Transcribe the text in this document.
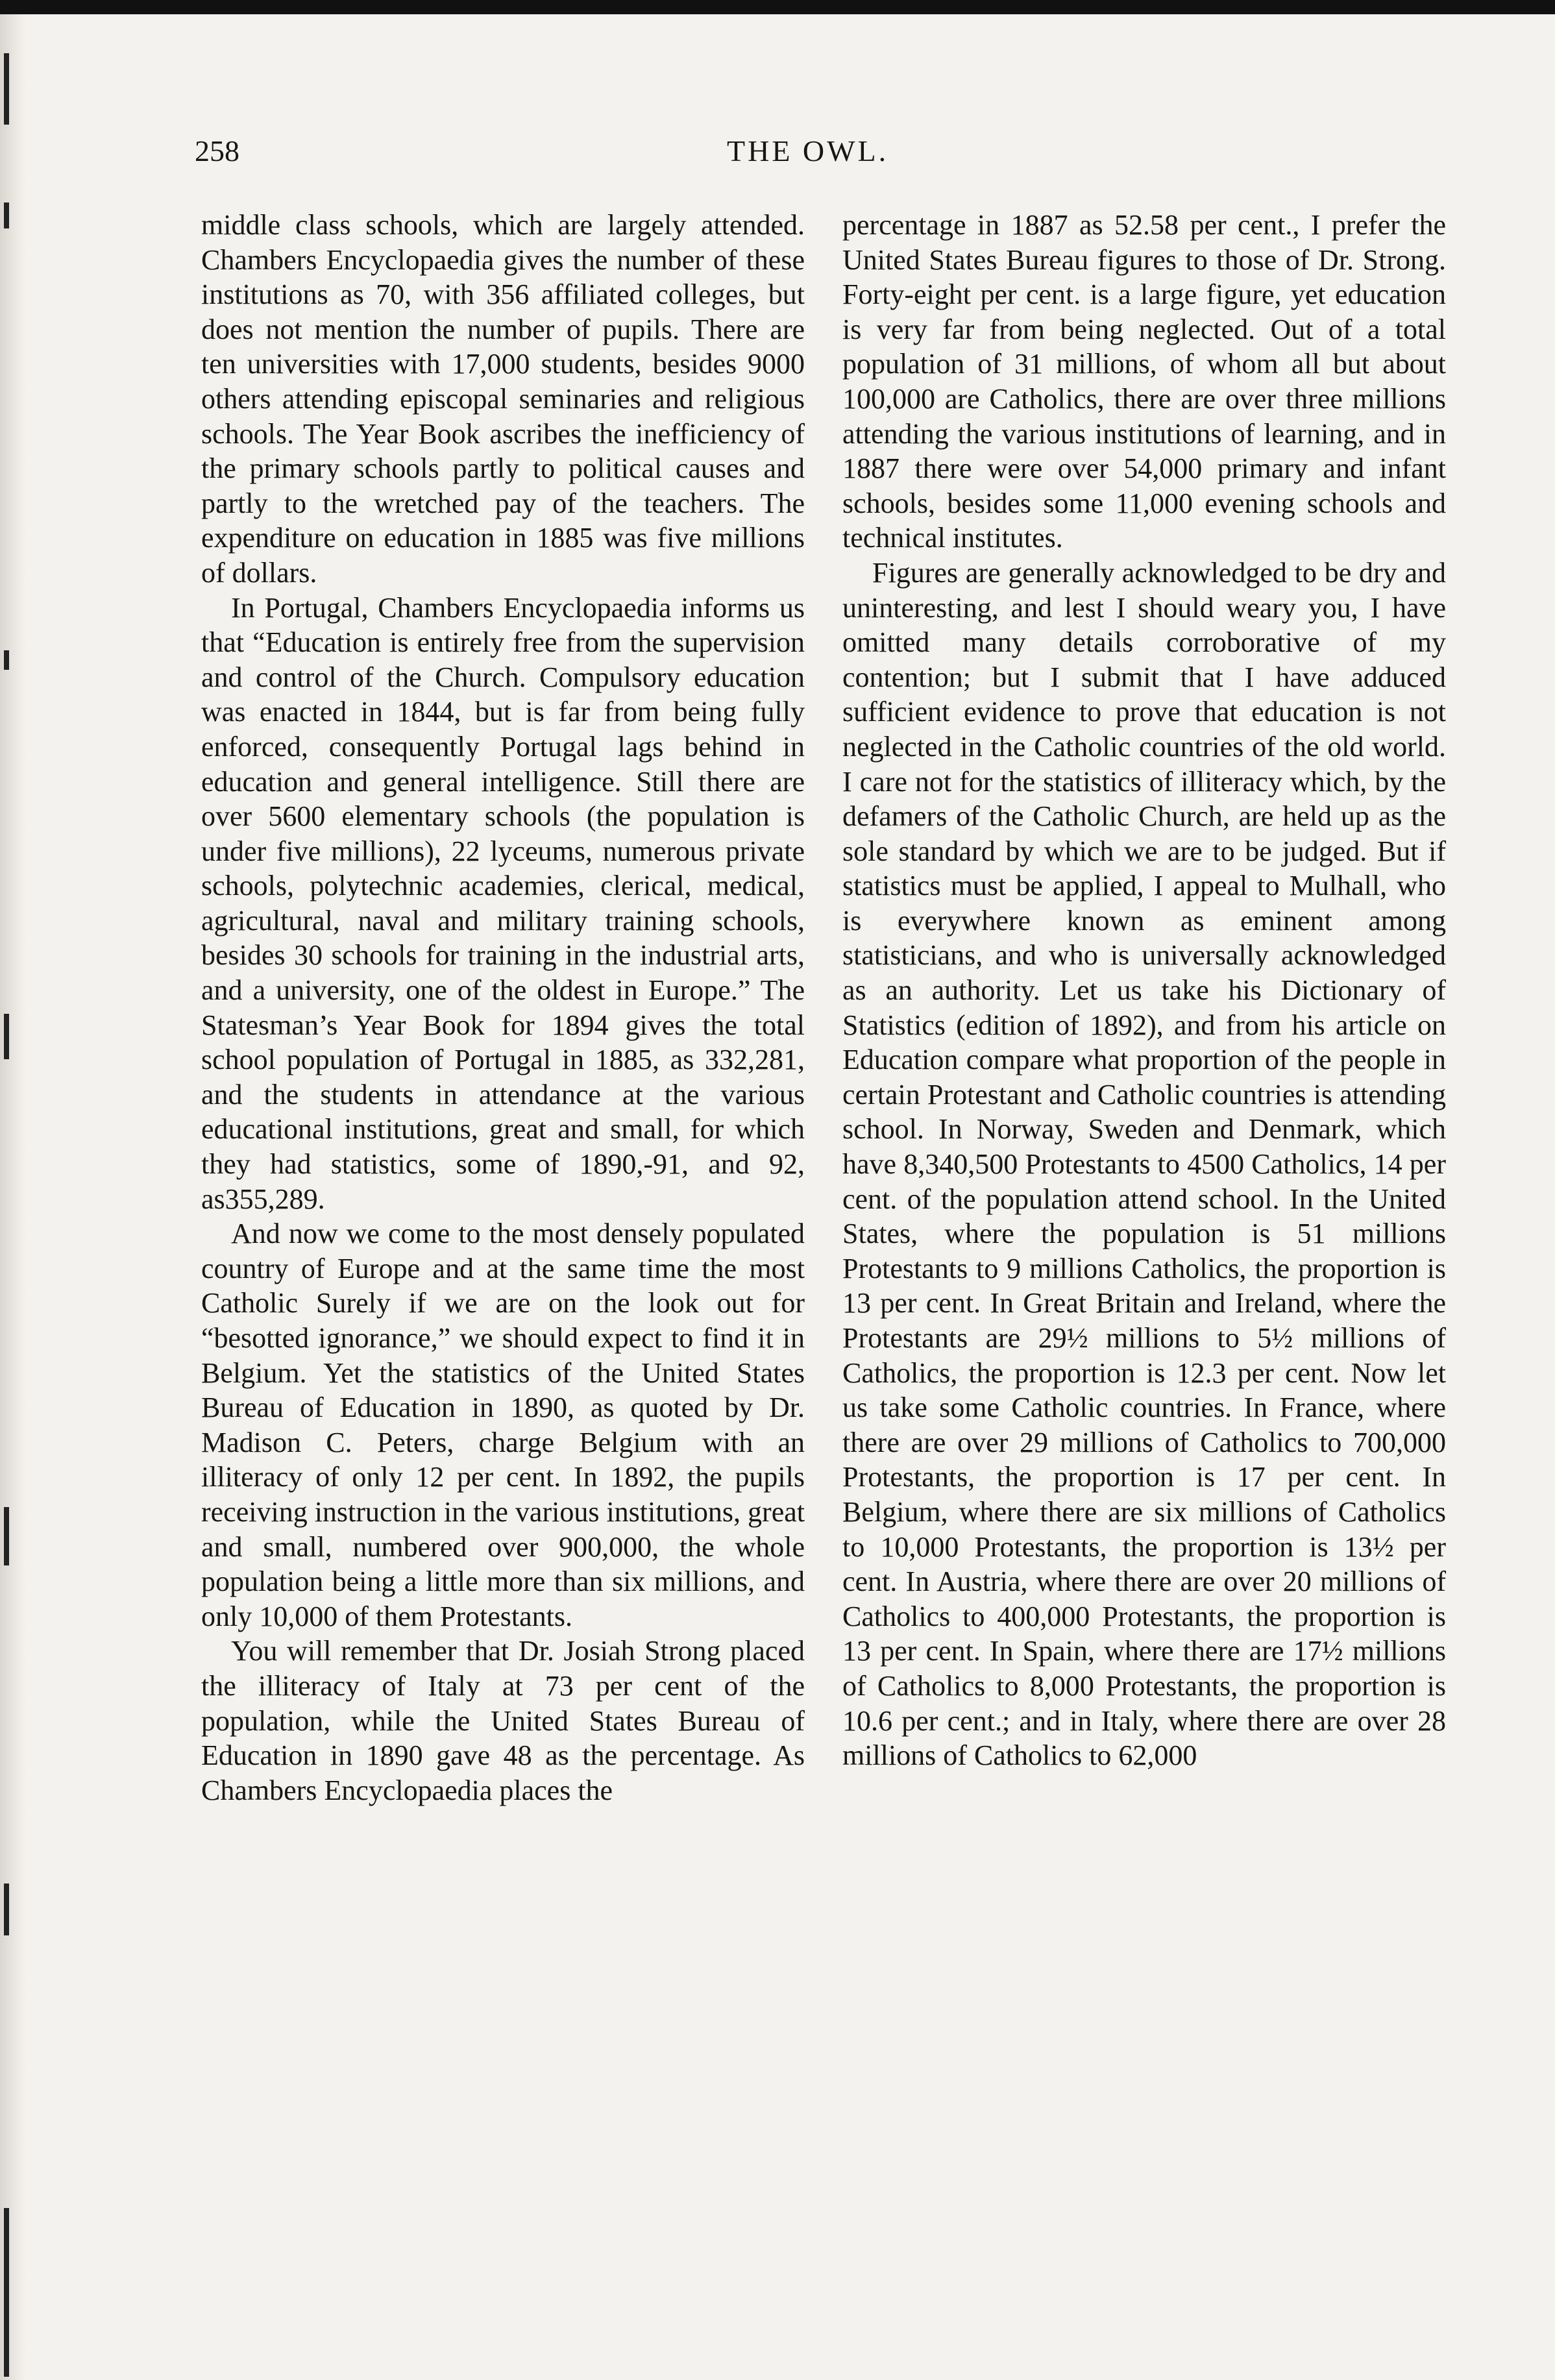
258	THE OWL.

middle class schools, which are largely attended. Chambers Encyclopaedia gives the number of these institutions as 70, with 356 affiliated colleges, but does not mention the number of pupils. There are ten universities with 17,000 students, besides 9000 others attending episcopal seminaries and religious schools. The Year Book ascribes the inefficiency of the primary schools partly to political causes and partly to the wretched pay of the teachers. The expenditure on education in 1885 was five millions of dollars.

In Portugal, Chambers Encyclopaedia informs us that “Education is entirely free from the supervision and control of the Church. Compulsory education was enacted in 1844, but is far from being fully enforced, consequently Portugal lags behind in education and general intelligence. Still there are over 5600 elementary schools (the population is under five millions), 22 lyceums, numerous private schools, polytechnic academies, clerical, medical, agricultural, naval and military training schools, besides 30 schools for training in the industrial arts, and a university, one of the oldest in Europe.” The Statesman’s Year Book for 1894 gives the total school population of Portugal in 1885, as 332,281, and the students in attendance at the various educational institutions, great and small, for which they had statistics, some of 1890,-91, and 92, as355,289.

And now we come to the most densely populated country of Europe and at the same time the most Catholic Surely if we are on the look out for “besotted ignorance,” we should expect to find it in Belgium. Yet the statistics of the United States Bureau of Education in 1890, as quoted by Dr. Madison C. Peters, charge Belgium with an illiteracy of only 12 per cent. In 1892, the pupils receiving instruction in the various institutions, great and small, numbered over 900,000, the whole population being a little more than six millions, and only 10,000 of them Protestants.

You will remember that Dr. Josiah Strong placed the illiteracy of Italy at 73 per cent of the population, while the United States Bureau of Education in 1890 gave 48 as the percentage. As Chambers Encyclopaedia places the

percentage in 1887 as 52.58 per cent., I prefer the United States Bureau figures to those of Dr. Strong. Forty-eight per cent. is a large figure, yet education is very far from being neglected. Out of a total population of 31 millions, of whom all but about 100,000 are Catholics, there are over three millions attending the various institutions of learning, and in 1887 there were over 54,000 primary and infant schools, besides some 11,000 evening schools and technical institutes.

Figures are generally acknowledged to be dry and uninteresting, and lest I should weary you, I have omitted many details corroborative of my contention; but I submit that I have adduced sufficient evidence to prove that education is not neglected in the Catholic countries of the old world. I care not for the statistics of illiteracy which, by the defamers of the Catholic Church, are held up as the sole standard by which we are to be judged. But if statistics must be applied, I appeal to Mulhall, who is everywhere known as eminent among statisticians, and who is universally acknowledged as an authority. Let us take his Dictionary of Statistics (edition of 1892), and from his article on Education compare what proportion of the people in certain Protestant and Catholic countries is attending school. In Norway, Sweden and Denmark, which have 8,340,500 Protestants to 4500 Catholics, 14 per cent. of the population attend school. In the United States, where the population is 51 millions Protestants to 9 millions Catholics, the proportion is 13 per cent. In Great Britain and Ireland, where the Protestants are 29½ millions to 5½ millions of Catholics, the proportion is 12.3 per cent. Now let us take some Catholic countries. In France, where there are over 29 millions of Catholics to 700,000 Protestants, the proportion is 17 per cent. In Belgium, where there are six millions of Catholics to 10,000 Protestants, the proportion is 13½ per cent. In Austria, where there are over 20 millions of Catholics to 400,000 Protestants, the proportion is 13 per cent. In Spain, where there are 17½ millions of Catholics to 8,000 Protestants, the proportion is 10.6 per cent.; and in Italy, where there are over 28 millions of Catholics to 62,000
